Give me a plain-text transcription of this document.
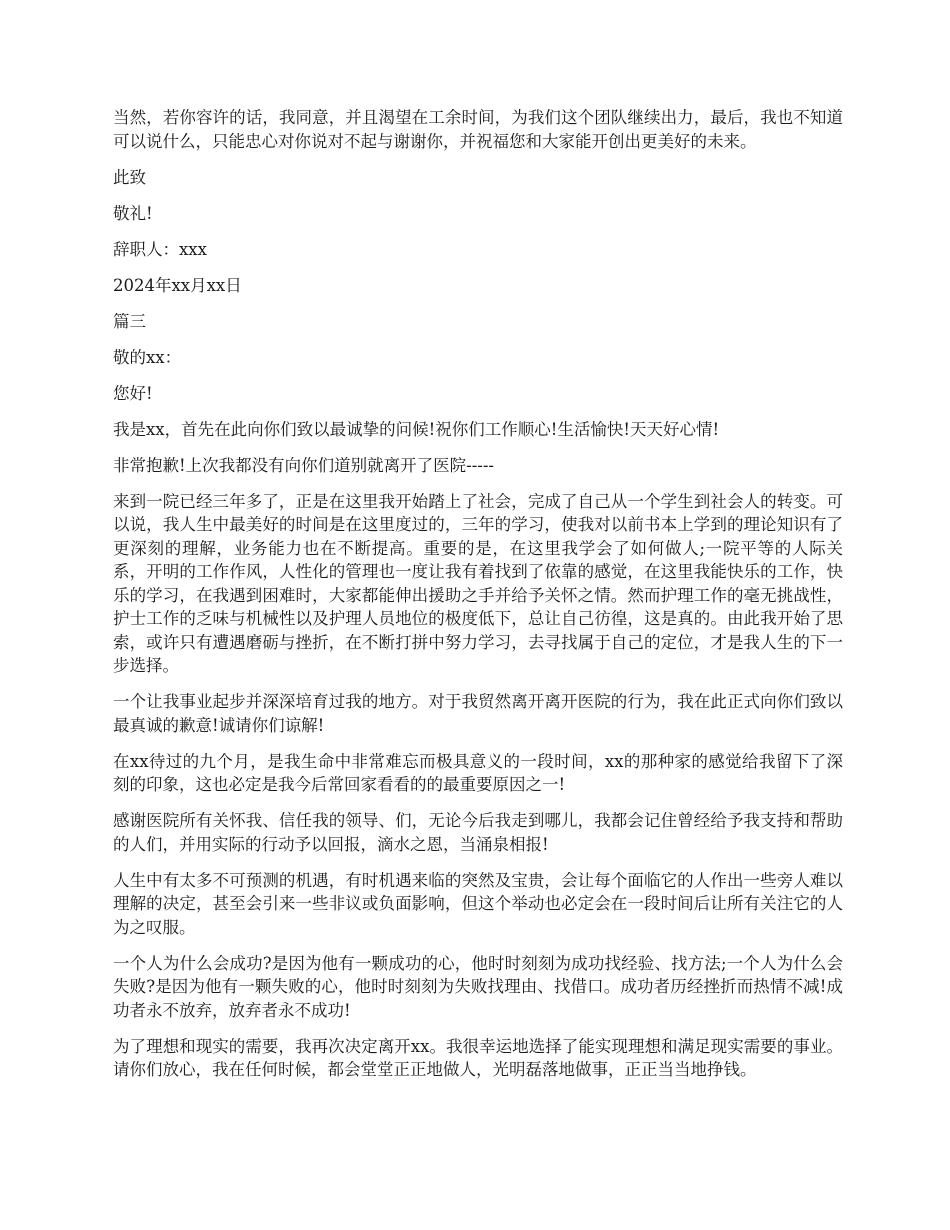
当然，若你容许的话，我同意，并且渴望在工余时间，为我们这个团队继续出力，最后，我也不知道可以说什么，只能忠心对你说对不起与谢谢你，并祝福您和大家能开创出更美好的未来。

此致

敬礼!

辞职人：xxx

2024年xx月xx日

篇三

敬的xx：

您好!

我是xx，首先在此向你们致以最诚挚的问候!祝你们工作顺心!生活愉快!天天好心情!

非常抱歉!上次我都没有向你们道别就离开了医院-----

来到一院已经三年多了，正是在这里我开始踏上了社会，完成了自己从一个学生到社会人的转变。可以说，我人生中最美好的时间是在这里度过的，三年的学习，使我对以前书本上学到的理论知识有了更深刻的理解，业务能力也在不断提高。重要的是，在这里我学会了如何做人;一院平等的人际关系，开明的工作作风，人性化的管理也一度让我有着找到了依靠的感觉，在这里我能快乐的工作，快乐的学习，在我遇到困难时，大家都能伸出援助之手并给予关怀之情。然而护理工作的毫无挑战性，护士工作的乏味与机械性以及护理人员地位的极度低下，总让自己彷徨，这是真的。由此我开始了思索，或许只有遭遇磨砺与挫折，在不断打拼中努力学习，去寻找属于自己的定位，才是我人生的下一步选择。

一个让我事业起步并深深培育过我的地方。对于我贸然离开离开医院的行为，我在此正式向你们致以最真诚的歉意!诚请你们谅解!

在xx待过的九个月，是我生命中非常难忘而极具意义的一段时间，xx的那种家的感觉给我留下了深刻的印象，这也必定是我今后常回家看看的的最重要原因之一!

感谢医院所有关怀我、信任我的领导、们，无论今后我走到哪儿，我都会记住曾经给予我支持和帮助的人们，并用实际的行动予以回报，滴水之恩，当涌泉相报!

人生中有太多不可预测的机遇，有时机遇来临的突然及宝贵，会让每个面临它的人作出一些旁人难以理解的决定，甚至会引来一些非议或负面影响，但这个举动也必定会在一段时间后让所有关注它的人为之叹服。

一个人为什么会成功?是因为他有一颗成功的心，他时时刻刻为成功找经验、找方法;一个人为什么会失败?是因为他有一颗失败的心，他时时刻刻为失败找理由、找借口。成功者历经挫折而热情不减!成功者永不放弃，放弃者永不成功!

为了理想和现实的需要，我再次决定离开xx。我很幸运地选择了能实现理想和满足现实需要的事业。请你们放心，我在任何时候，都会堂堂正正地做人，光明磊落地做事，正正当当地挣钱。
